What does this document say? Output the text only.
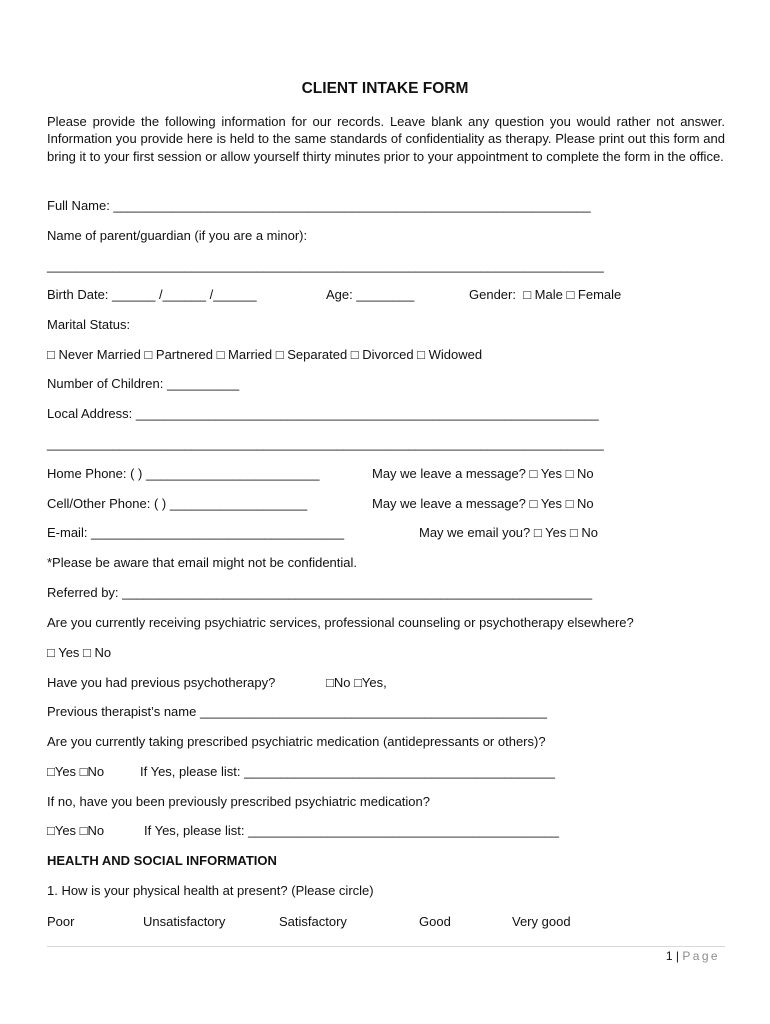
CLIENT INTAKE FORM
Please provide the following information for our records. Leave blank any question you would rather not answer. Information you provide here is held to the same standards of confidentiality as therapy. Please print out this form and bring it to your first session or allow yourself thirty minutes prior to your appointment to complete the form in the office.
Full Name: __________________________________________________________________
Name of parent/guardian (if you are a minor):
_____________________________________________________________________________
Birth Date: ______ /______ /______	Age: ________	Gender:  □ Male □ Female
Marital Status:
□ Never Married □ Partnered □ Married □ Separated □ Divorced □ Widowed
Number of Children: __________
Local Address: ________________________________________________________________
_____________________________________________________________________________
Home Phone: ( ) ________________________	May we leave a message? □ Yes □ No
Cell/Other Phone: ( ) ___________________	May we leave a message? □ Yes □ No
E-mail: ___________________________________	May we email you? □ Yes □ No
*Please be aware that email might not be confidential.
Referred by: _________________________________________________________________
Are you currently receiving psychiatric services, professional counseling or psychotherapy elsewhere?
□ Yes □ No
Have you had previous psychotherapy?	□No □Yes,
Previous therapist’s name ________________________________________________
Are you currently taking prescribed psychiatric medication (antidepressants or others)?
□Yes □No	If Yes, please list: ___________________________________________
If no, have you been previously prescribed psychiatric medication?
□Yes □No	If Yes, please list: ___________________________________________
HEALTH AND SOCIAL INFORMATION
1. How is your physical health at present? (Please circle)
Poor	Unsatisfactory	Satisfactory	Good	Very good
1 | Page
